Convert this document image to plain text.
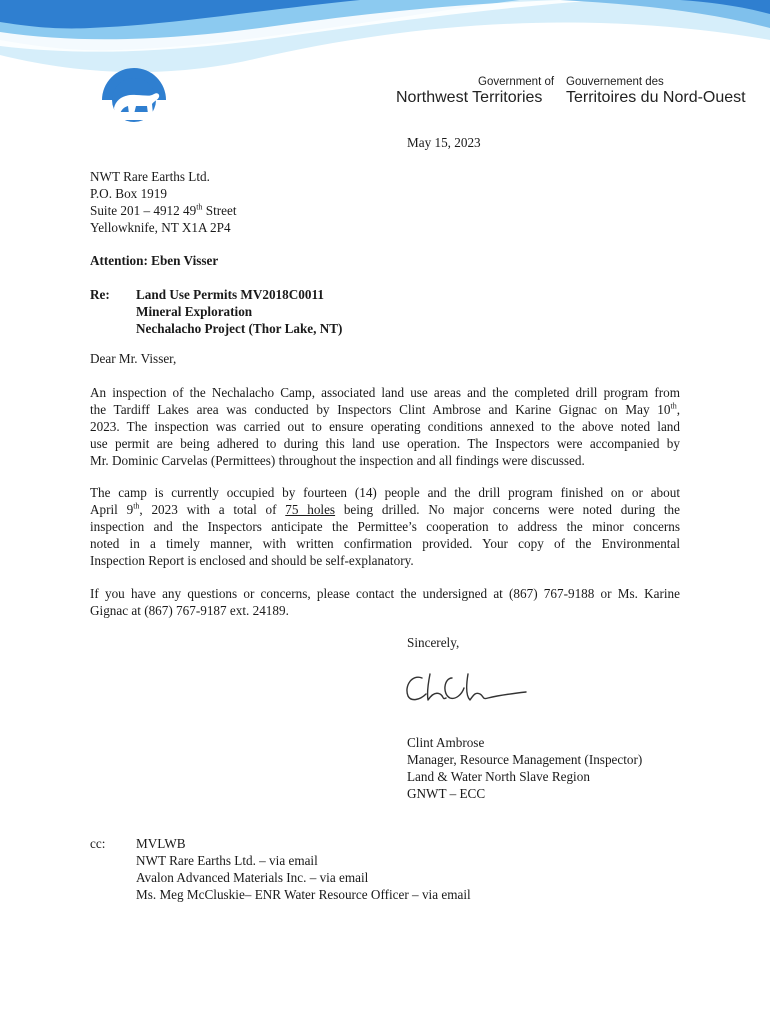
Government of
Northwest Territories
Gouvernement des
Territoires du Nord-Ouest
May 15, 2023
NWT Rare Earths Ltd.
P.O. Box 1919
Suite 201 – 4912 49th Street
Yellowknife, NT X1A 2P4
Attention: Eben Visser
Re: Land Use Permits MV2018C0011
Mineral Exploration
Nechalacho Project (Thor Lake, NT)
Dear Mr. Visser,
An inspection of the Nechalacho Camp, associated land use areas and the completed drill program from
the Tardiff Lakes area was conducted by Inspectors Clint Ambrose and Karine Gignac on May 10th,
2023. The inspection was carried out to ensure operating conditions annexed to the above noted land
use permit are being adhered to during this land use operation. The Inspectors were accompanied by
Mr. Dominic Carvelas (Permittees) throughout the inspection and all findings were discussed.
The camp is currently occupied by fourteen (14) people and the drill program finished on or about
April 9th, 2023 with a total of 75 holes being drilled. No major concerns were noted during the
inspection and the Inspectors anticipate the Permittee’s cooperation to address the minor concerns
noted in a timely manner, with written confirmation provided. Your copy of the Environmental
Inspection Report is enclosed and should be self-explanatory.
If you have any questions or concerns, please contact the undersigned at (867) 767-9188 or Ms. Karine
Gignac at (867) 767-9187 ext. 24189.
Sincerely,
Clint Ambrose
Manager, Resource Management (Inspector)
Land & Water North Slave Region
GNWT – ECC
cc: MVLWB
NWT Rare Earths Ltd. – via email
Avalon Advanced Materials Inc. – via email
Ms. Meg McCluskie– ENR Water Resource Officer – via email
